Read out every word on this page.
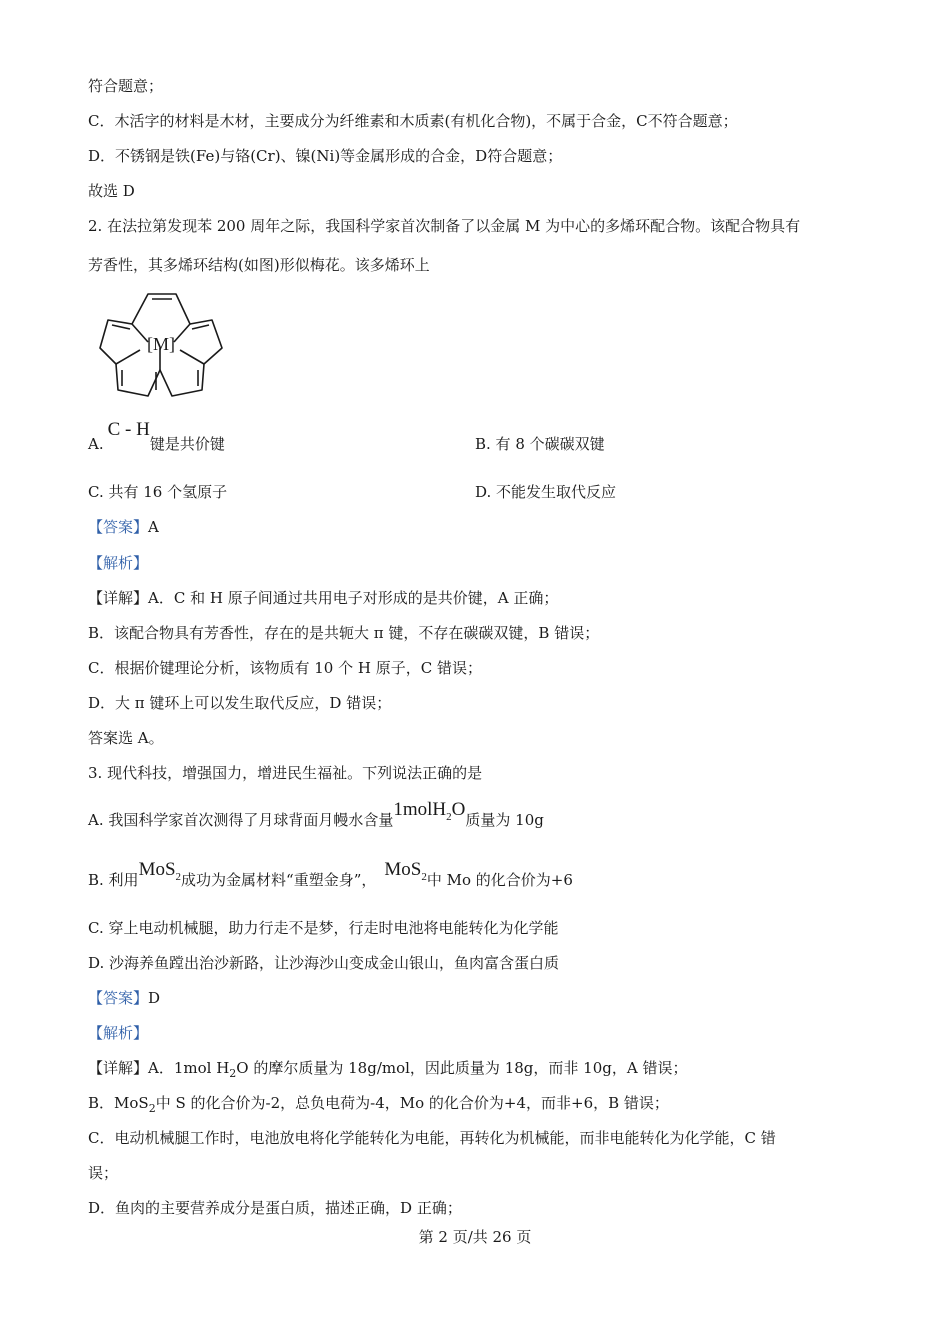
符合题意；
C．木活字的材料是木材，主要成分为纤维素和木质素(有机化合物)，不属于合金，C不符合题意；
D．不锈钢是铁(Fe)与铬(Cr)、镍(Ni)等金属形成的合金，D符合题意；
故选 D
2. 在法拉第发现苯 200 周年之际，我国科学家首次制备了以金属 M 为中心的多烯环配合物。该配合物具有
芳香性，其多烯环结构(如图)形似梅花。该多烯环上
[M]
A.C - H键是共价键	B. 有 8 个碳碳双键
C. 共有 16 个氢原子	D. 不能发生取代反应
【答案】A
【解析】
【详解】A．C 和 H 原子间通过共用电子对形成的是共价键，A 正确；
B．该配合物具有芳香性，存在的是共轭大 π 键，不存在碳碳双键，B 错误；
C．根据价键理论分析，该物质有 10 个 H 原子，C 错误；
D．大 π 键环上可以发生取代反应，D 错误；
答案选 A。
3. 现代科技，增强国力，增进民生福祉。下列说法正确的是
A. 我国科学家首次测得了月球背面月幔水含量1molH$_2$O质量为 10g
B. 利用MoS$_2$成功为金属材料“重塑金身”， MoS$_2$中 Mo 的化合价为+6
C. 穿上电动机械腿，助力行走不是梦，行走时电池将电能转化为化学能
D. 沙海养鱼蹚出治沙新路，让沙海沙山变成金山银山，鱼肉富含蛋白质
【答案】D
【解析】
【详解】A．1mol $H_2O$ 的摩尔质量为 18g/mol，因此质量为 18g，而非 10g，A 错误；
B．MoS$_2$中 S 的化合价为-2，总负电荷为-4，Mo 的化合价为+4，而非+6，B 错误；
C．电动机械腿工作时，电池放电将化学能转化为电能，再转化为机械能，而非电能转化为化学能，C 错
误；
D．鱼肉的主要营养成分是蛋白质，描述正确，D 正确；
第 2 页/共 26 页
